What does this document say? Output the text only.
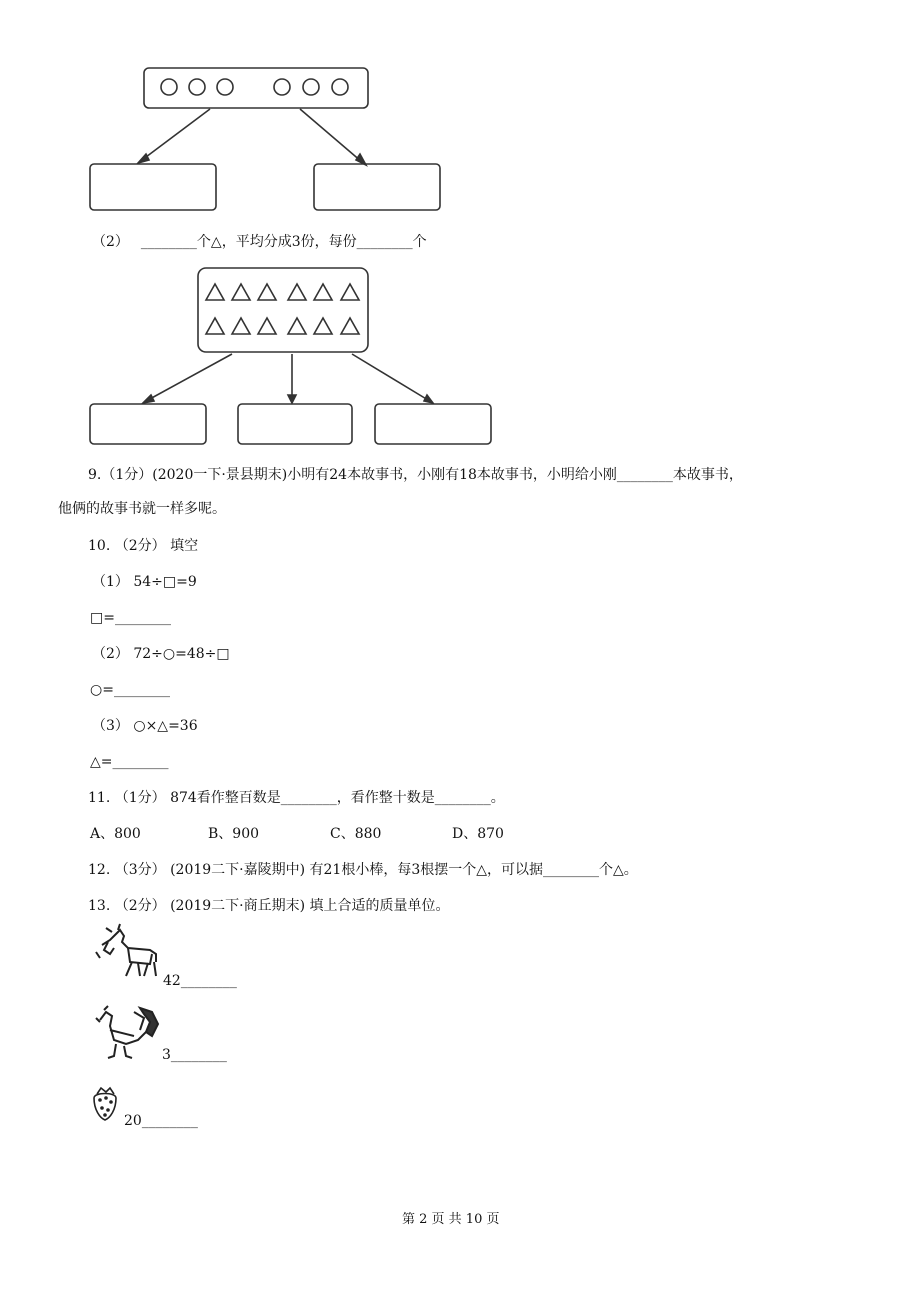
（2） ________个△，平均分成3份，每份________个
9.（1分）(2020一下·景县期末)小明有24本故事书，小刚有18本故事书，小明给小刚________本故事书，
他俩的故事书就一样多呢。
10. （2分） 填空
（1） 54÷□=9
□=________
（2） 72÷○=48÷□
○=________
（3） ○×△=36
△=________
11. （1分） 874看作整百数是________，看作整十数是________。
A、800	B、900	C、880	D、870
12. （3分） (2019二下·嘉陵期中) 有21根小棒，每3根摆一个△，可以据________个△。
13. （2分） (2019二下·商丘期末) 填上合适的质量单位。
42________
3________
20________
第 2 页 共 10 页
